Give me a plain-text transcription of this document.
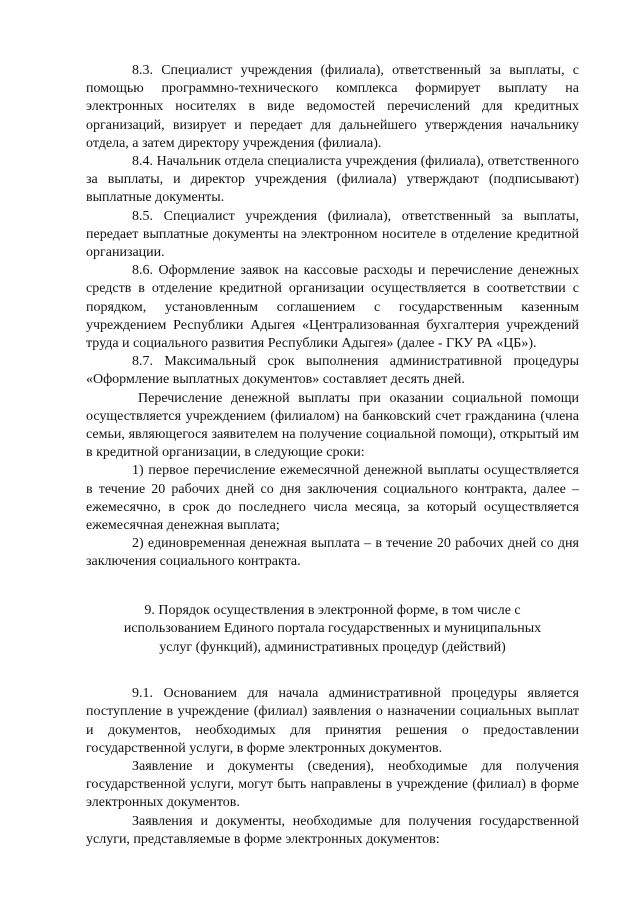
8.3. Специалист учреждения (филиала), ответственный за выплаты, с помощью программно-технического комплекса формирует выплату на электронных носителях в виде ведомостей перечислений для кредитных организаций, визирует и передает для дальнейшего утверждения начальнику отдела, а затем директору учреждения (филиала).

8.4. Начальник отдела специалиста учреждения (филиала), ответственного за выплаты, и директор учреждения (филиала) утверждают (подписывают) выплатные документы.

8.5. Специалист учреждения (филиала), ответственный за выплаты, передает выплатные документы на электронном носителе в отделение кредитной организации.

8.6. Оформление заявок на кассовые расходы и перечисление денежных средств в отделение кредитной организации осуществляется в соответствии с порядком, установленным соглашением с государственным казенным учреждением Республики Адыгея «Централизованная бухгалтерия учреждений труда и социального развития Республики Адыгея» (далее - ГКУ РА «ЦБ»).

8.7. Максимальный срок выполнения административной процедуры «Оформление выплатных документов» составляет десять дней.

Перечисление денежной выплаты при оказании социальной помощи осуществляется учреждением (филиалом) на банковский счет гражданина (члена семьи, являющегося заявителем на получение социальной помощи), открытый им в кредитной организации, в следующие сроки:

1) первое перечисление ежемесячной денежной выплаты осуществляется в течение 20 рабочих дней со дня заключения социального контракта, далее – ежемесячно, в срок до последнего числа месяца, за который осуществляется ежемесячная денежная выплата;

2) единовременная денежная выплата – в течение 20 рабочих дней со дня заключения социального контракта.

9. Порядок осуществления в электронной форме, в том числе с использованием Единого портала государственных и муниципальных услуг (функций), административных процедур (действий)

9.1. Основанием для начала административной процедуры является поступление в учреждение (филиал) заявления о назначении социальных выплат и документов, необходимых для принятия решения о предоставлении государственной услуги, в форме электронных документов.

Заявление и документы (сведения), необходимые для получения государственной услуги, могут быть направлены в учреждение (филиал) в форме электронных документов.

Заявления и документы, необходимые для получения государственной услуги, представляемые в форме электронных документов:
